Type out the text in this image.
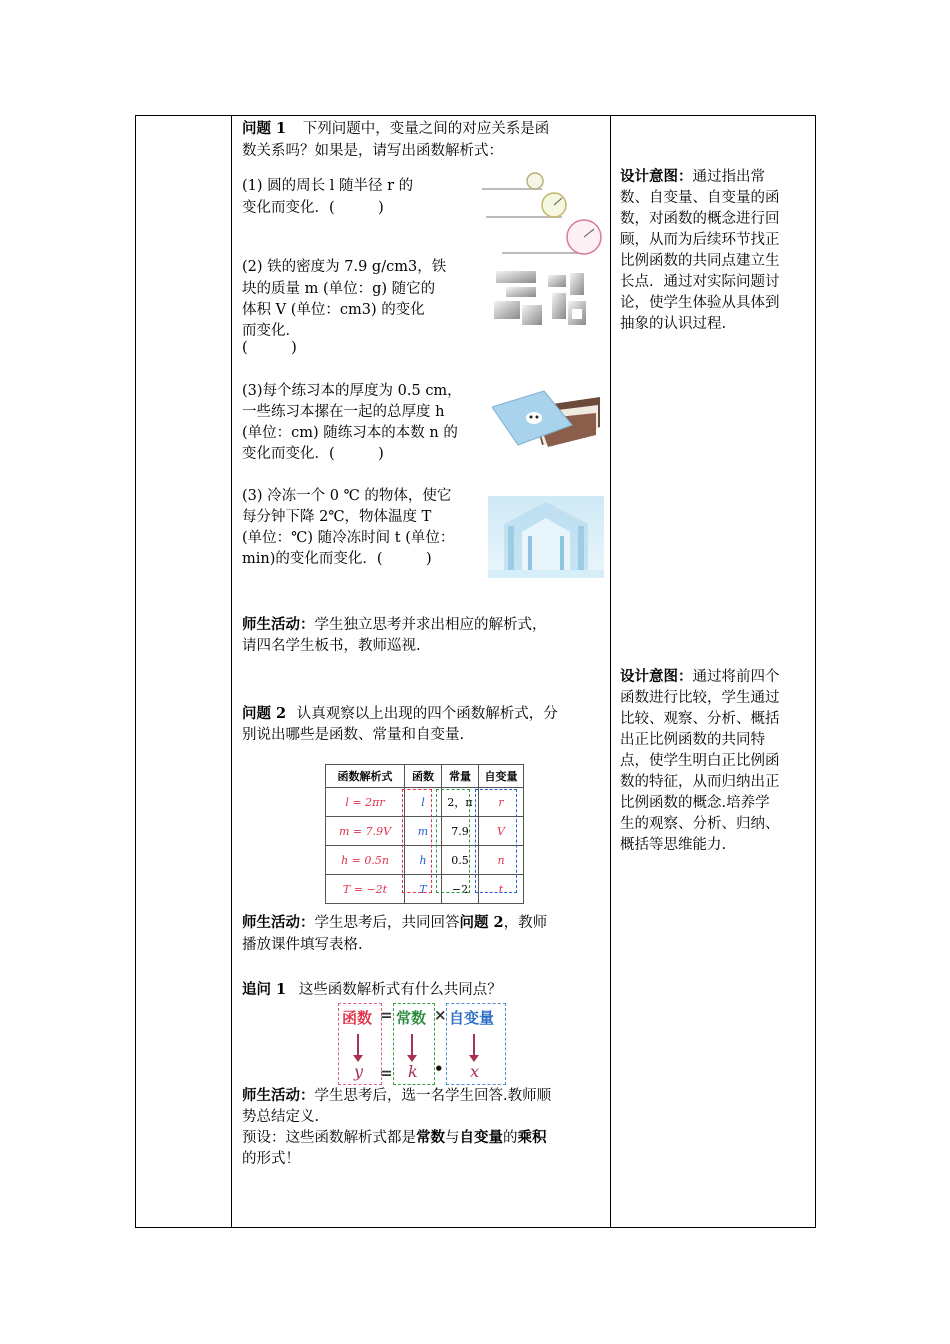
问题 1 下列问题中，变量之间的对应关系是函
数关系吗？如果是，请写出函数解析式：
(1) 圆的周长 l 随半径 r 的
变化而变化．(　　　)
(2) 铁的密度为 7.9 g/cm3，铁
块的质量 m (单位：g) 随它的
体积 V (单位：cm3) 的变化
而变化．
(　　　)
(3)每个练习本的厚度为 0.5 cm，
一些练习本摞在一起的总厚度 h
(单位：cm) 随练习本的本数 n 的
变化而变化．(　　　)
(3) 冷冻一个 0 ℃ 的物体，使它
每分钟下降 2℃，物体温度 T
(单位：℃) 随冷冻时间 t (单位：
min)的变化而变化．(　　　)
师生活动：学生独立思考并求出相应的解析式，
请四名学生板书，教师巡视.
问题 2 认真观察以上出现的四个函数解析式，分
别说出哪些是函数、常量和自变量.
函数解析式	函数	常量	自变量
l = 2πr	l	2，π	r
m = 7.9V	m	7.9	V
h = 0.5n	h	0.5	n
T = −2t	T	−2	t
师生活动：学生思考后，共同回答问题 2，教师
播放课件填写表格.
追问 1 这些函数解析式有什么共同点？
函数 = 常数 × 自变量
y = k • x
师生活动：学生思考后，选一名学生回答.教师顺
势总结定义.
预设：这些函数解析式都是常数与自变量的乘积
的形式！
设计意图：通过指出常
数、自变量、自变量的函
数，对函数的概念进行回
顾，从而为后续环节找正
比例函数的共同点建立生
长点．通过对实际问题讨
论，使学生体验从具体到
抽象的认识过程.
设计意图：通过将前四个
函数进行比较，学生通过
比较、观察、分析、概括
出正比例函数的共同特
点，使学生明白正比例函
数的特征，从而归纳出正
比例函数的概念.培养学
生的观察、分析、归纳、
概括等思维能力.
